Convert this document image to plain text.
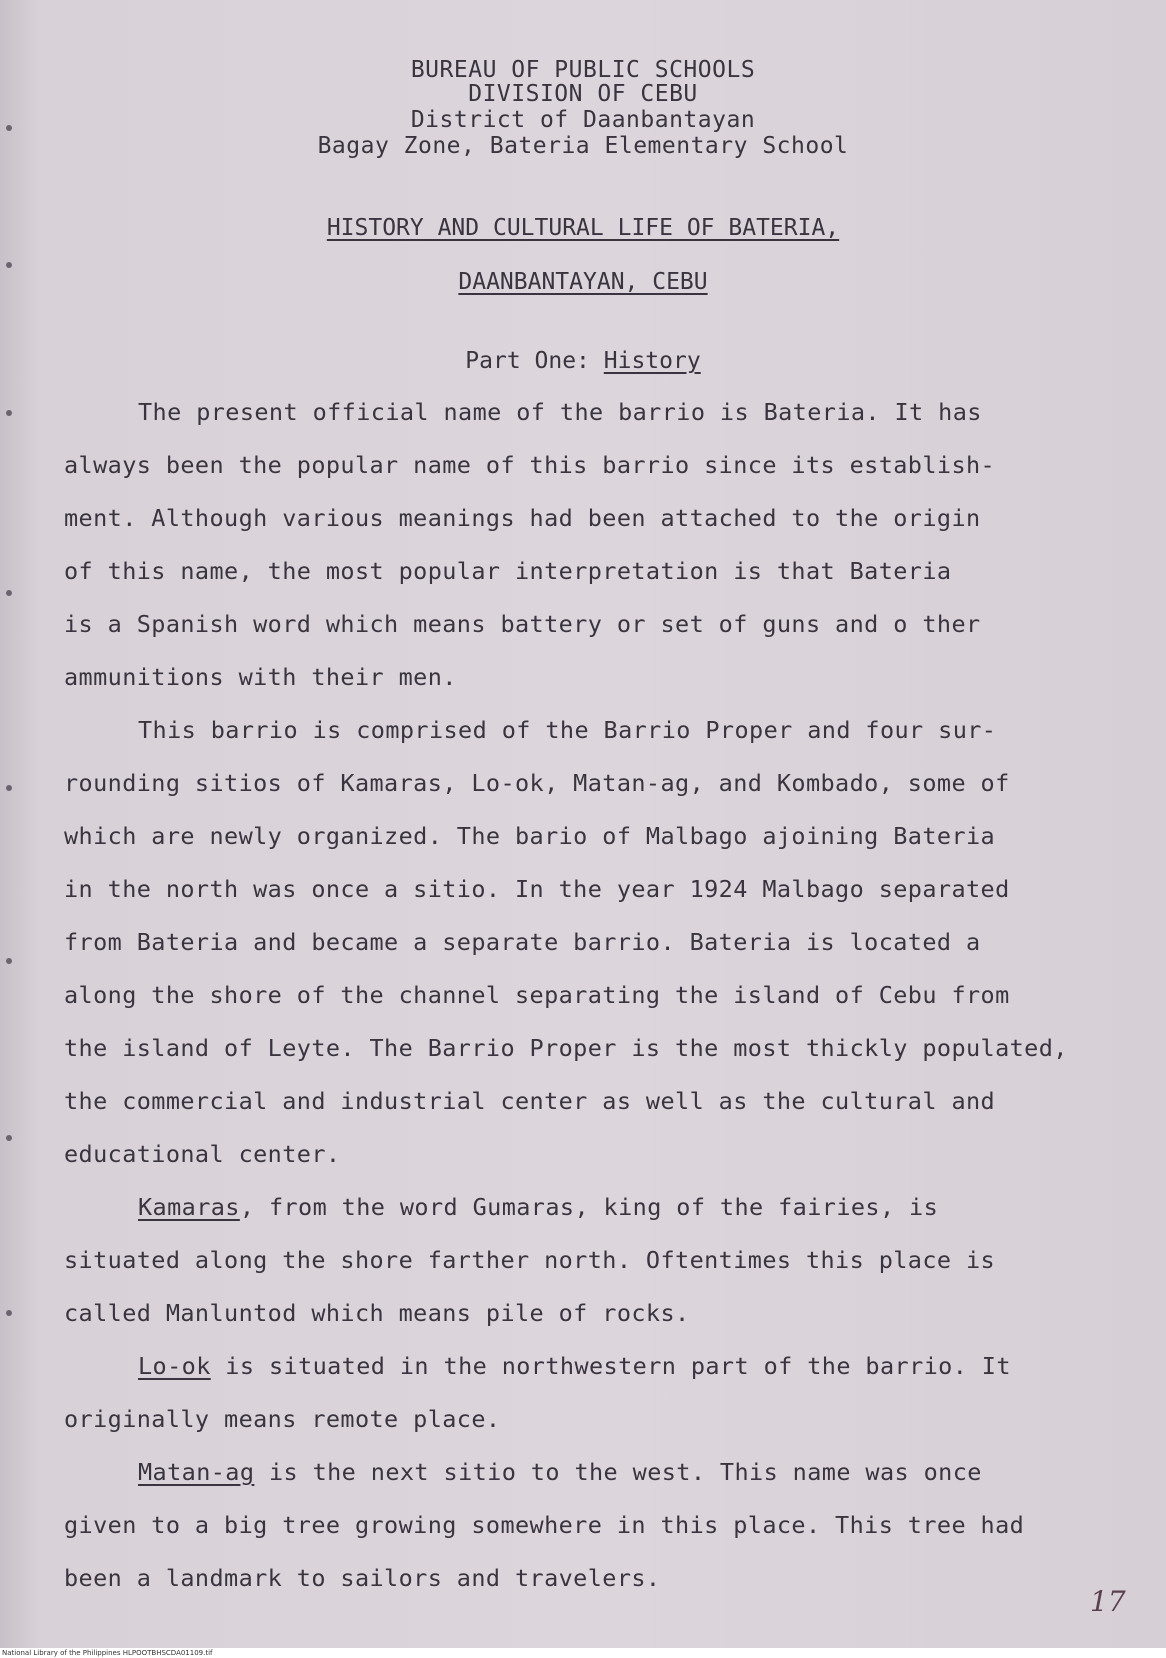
BUREAU OF PUBLIC SCHOOLS
DIVISION OF CEBU
District of Daanbantayan
Bagay Zone, Bateria Elementary School
HISTORY AND CULTURAL LIFE OF BATERIA,
DAANBANTAYAN, CEBU
Part One: History
The present official name of the barrio is Bateria. It has
always been the popular name of this barrio since its establish-
ment. Although various meanings had been attached to the origin
of this name, the most popular interpretation is that Bateria
is a Spanish word which means battery or set of guns and o ther
ammunitions with their men.
This barrio is comprised of the Barrio Proper and four sur-
rounding sitios of Kamaras, Lo-ok, Matan-ag, and Kombado, some of
which are newly organized. The bario of Malbago ajoining Bateria
in the north was once a sitio. In the year 1924 Malbago separated
from Bateria and became a separate barrio. Bateria is located a
along the shore of the channel separating the island of Cebu from
the island of Leyte. The Barrio Proper is the most thickly populated,
the commercial and industrial center as well as the cultural and
educational center.
Kamaras, from the word Gumaras, king of the fairies, is
situated along the shore farther north. Oftentimes this place is
called Manluntod which means pile of rocks.
Lo-ok is situated in the northwestern part of the barrio. It
originally means remote place.
Matan-ag is the next sitio to the west. This name was once
given to a big tree growing somewhere in this place. This tree had
been a landmark to sailors and travelers.
17
National Library of the Philippines HLPOOTBHSCDA01109.tif
